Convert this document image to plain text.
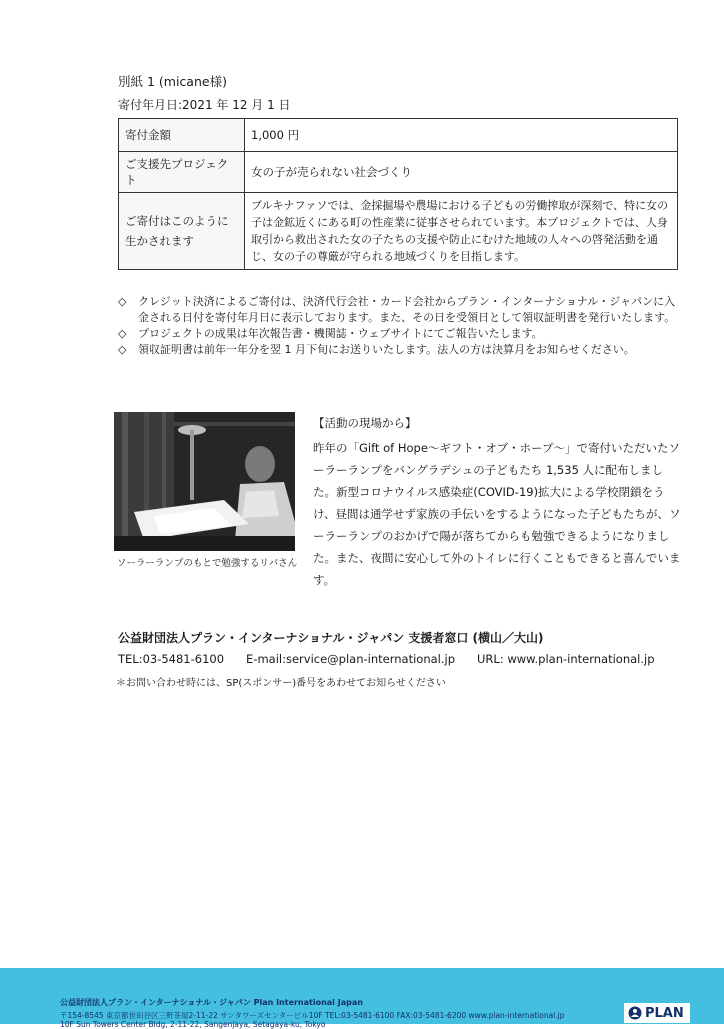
別紙 1 (micane様)
寄付年月日:2021 年 12 月 1 日
寄付金額	1,000 円
ご支援先プロジェクト	女の子が売られない社会づくり

ご寄付はこのように
生かされます	ブルキナファソでは、金採掘場や農場における子どもの労働搾取が深刻で、特に女の子は金鉱近くにある町の性産業に従事させられています。本プロジェクトでは、人身取引から救出された女の子たちの支援や防止にむけた地域の人々への啓発活動を通じ、女の子の尊厳が守られる地域づくりを目指します。
◇	クレジット決済によるご寄付は、決済代行会社・カード会社からプラン・インターナショナル・ジャパンに入金される日付を寄付年月日に表示しております。また、その日を受領日として領収証明書を発行いたします。
◇	プロジェクトの成果は年次報告書・機関誌・ウェブサイトにてご報告いたします。
◇	領収証明書は前年一年分を翌 1 月下旬にお送りいたします。法人の方は決算月をお知らせください。
ソーラーランプのもとで勉強するリバさん
【活動の現場から】
昨年の「Gift of Hope～ギフト・オブ・ホープ～」で寄付いただいたソーラーランプをバングラデシュの子どもたち 1,535 人に配布しました。新型コロナウイルス感染症(COVID-19)拡大による学校閉鎖をうけ、昼間は通学せず家族の手伝いをするようになった子どもたちが、ソーラーランプのおかげで陽が落ちてからも勉強できるようになりました。また、夜間に安心して外のトイレに行くこともできると喜んでいます。
公益財団法人プラン・インターナショナル・ジャパン 支援者窓口 (横山／大山)
TEL:03-5481-6100 E-mail:service@plan-international.jp URL: www.plan-international.jp
＊お問い合わせ時には、SP(スポンサー)番号をあわせてお知らせください
公益財団法人プラン・インターナショナル・ジャパン Plan International Japan
〒154-8545 東京都世田谷区三軒茶屋2-11-22 サンタワーズセンタービル10F TEL:03-5481-6100 FAX:03-5481-6200 www.plan-international.jp
10F Sun Towers Center Bldg, 2-11-22, Sangenjaya, Setagaya-ku, Tokyo
PLAN
